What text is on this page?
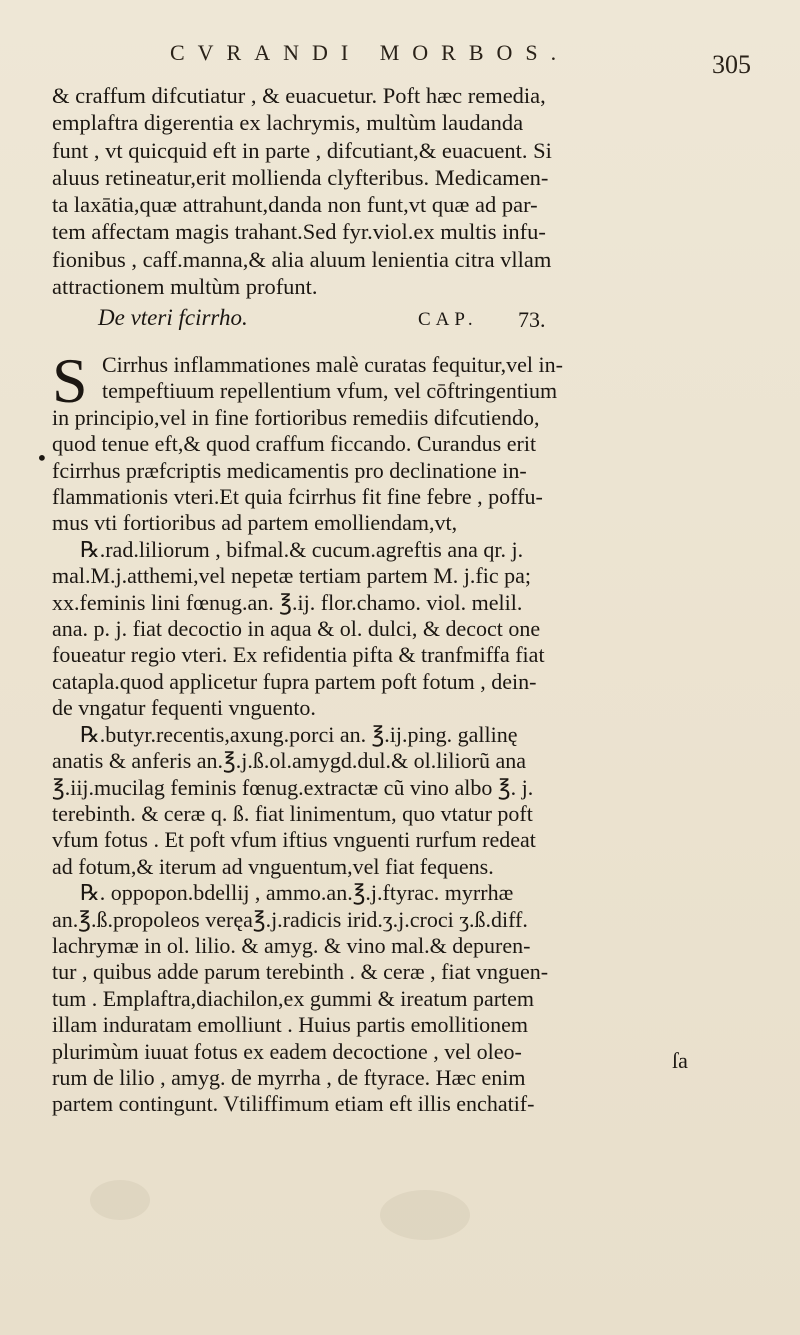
CVRANDI MORBOS.	305
& craffum difcutiatur , & euacuetur. Poft hæc remedia,
emplaftra digerentia ex lachrymis, multùm laudanda
funt , vt quicquid eft in parte , difcutiant,& euacuent. Si
aluus retineatur,erit mollienda clyfteribus. Medicamen-
ta laxātia,quæ attrahunt,danda non funt,vt quæ ad par-
tem affectam magis trahant.Sed fyr.viol.ex multis infu-
fionibus , caff.manna,& alia aluum lenientia citra vllam
attractionem multùm profunt.
De vteri fcirrho.	CAP. 73.
•
S Cirrhus inflammationes malè curatas fequitur,vel in-
tempeftiuum repellentium vfum, vel cōftringentium
in principio,vel in fine fortioribus remediis difcutiendo,
quod tenue eft,& quod craffum ficcando. Curandus erit
fcirrhus præfcriptis medicamentis pro declinatione in-
flammationis vteri.Et quia fcirrhus fit fine febre , poffu-
mus vti fortioribus ad partem emolliendam,vt,
℞.rad.liliorum , bifmal.& cucum.agreftis ana qr. j.
mal.M.j.atthemi,vel nepetæ tertiam partem M. j.fic pa;
xx.feminis lini fœnug.an. ℥.ij. flor.chamo. viol. melil.
ana. p. j. fiat decoctio in aqua & ol. dulci, & decoct one
foueatur regio vteri. Ex refidentia pifta & tranfmiffa fiat
catapla.quod applicetur fupra partem poft fotum , dein-
de vngatur fequenti vnguento.
℞.butyr.recentis,axung.porci an. ℥.ij.ping. gallinę
anatis & anferis an.℥.j.ß.ol.amygd.dul.& ol.liliorũ ana
℥.iij.mucilag feminis fœnug.extractæ cũ vino albo ℥. j.
terebinth. & ceræ q. ß. fiat linimentum, quo vtatur poft
vfum fotus . Et poft vfum iftius vnguenti rurfum redeat
ad fotum,& iterum ad vnguentum,vel fiat fequens.
℞. oppopon.bdellij , ammo.an.℥.j.ftyrac. myrrhæ
an.℥.ß.propoleos veręa℥.j.radicis irid.ʒ.j.croci ʒ.ß.diff.
lachrymæ in ol. lilio. & amyg. & vino mal.& depuren-
tur , quibus adde parum terebinth . & ceræ , fiat vnguen-
tum . Emplaftra,diachilon,ex gummi & ireatum partem
illam induratam emolliunt . Huius partis emollitionem
plurimùm iuuat fotus ex eadem decoctione , vel oleo-
rum de lilio , amyg. de myrrha , de ftyrace. Hæc enim
partem contingunt. Vtiliffimum etiam eft illis enchatif-
ſa
